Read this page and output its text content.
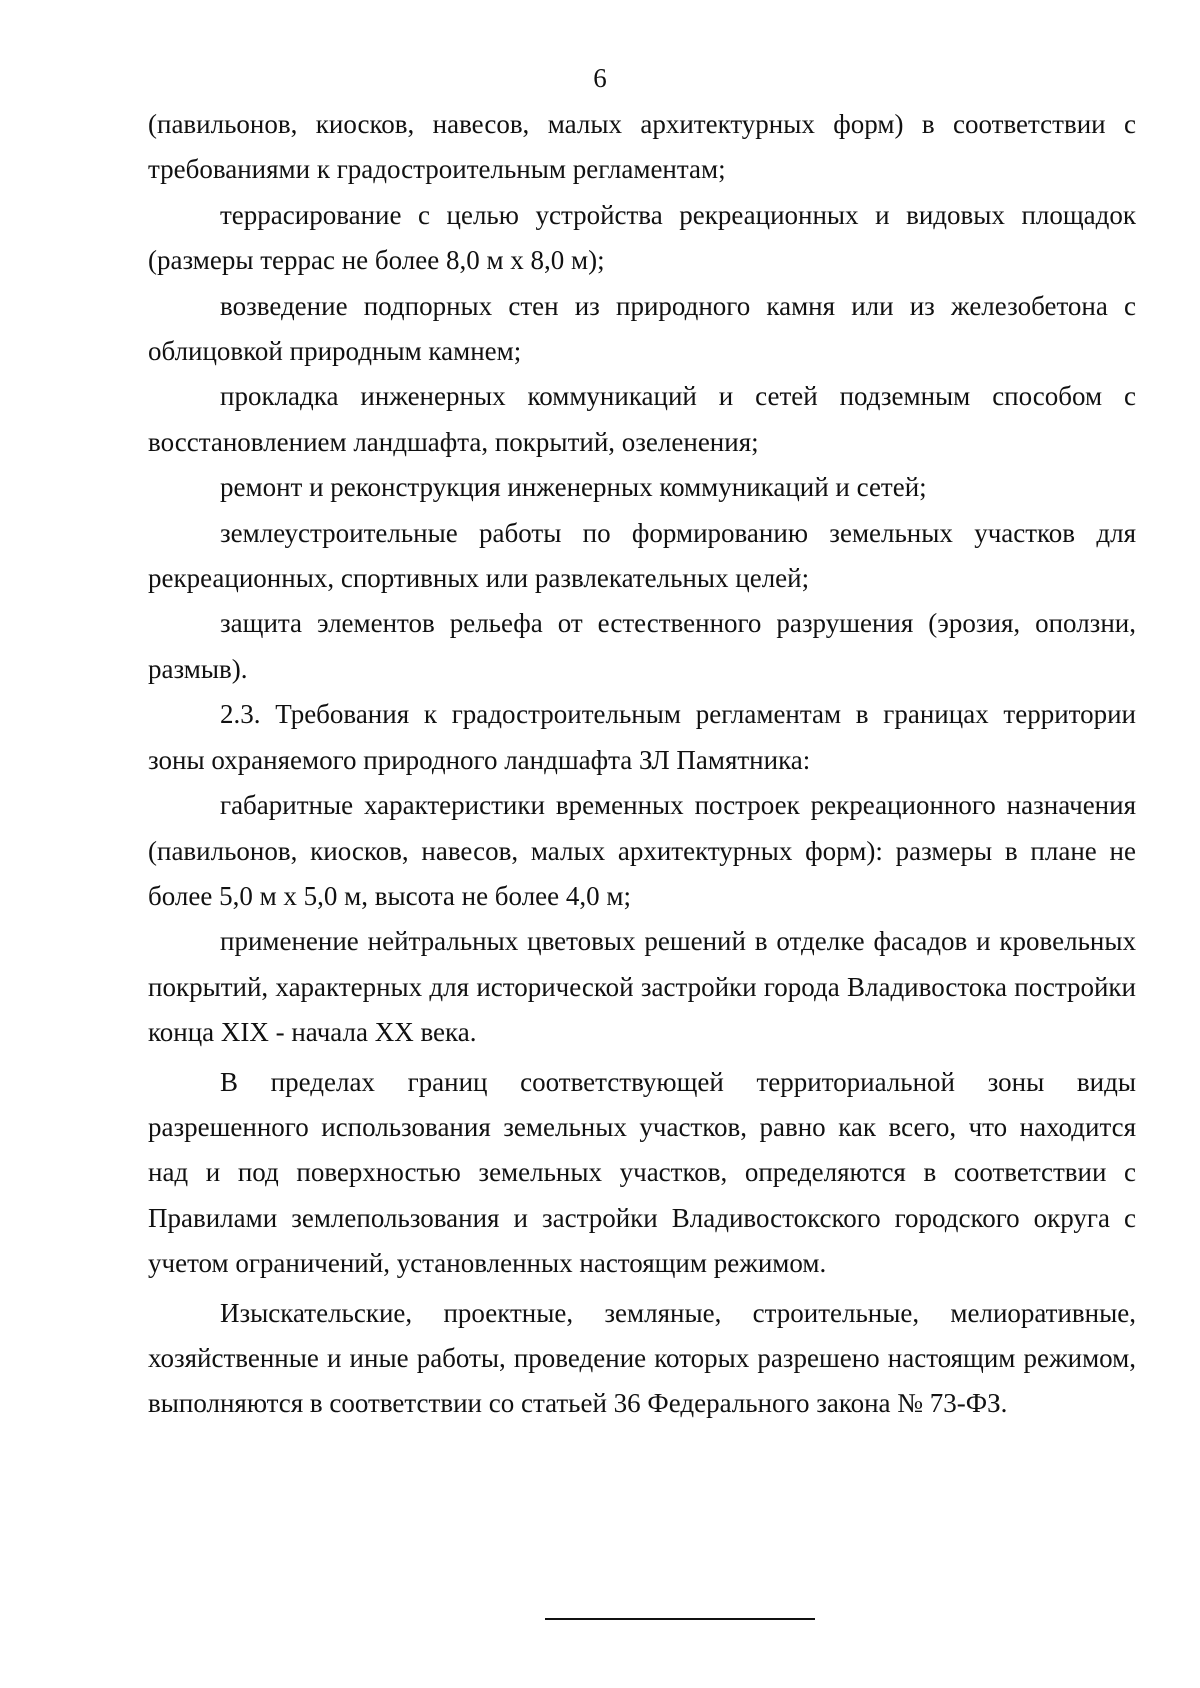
6

(павильонов, киосков, навесов, малых архитектурных форм) в соответствии с требованиями к градостроительным регламентам;

террасирование с целью устройства рекреационных и видовых площадок (размеры террас не более 8,0 м x 8,0 м);

возведение подпорных стен из природного камня или из железобетона с облицовкой природным камнем;

прокладка инженерных коммуникаций и сетей подземным способом с восстановлением ландшафта, покрытий, озеленения;

ремонт и реконструкция инженерных коммуникаций и сетей;

землеустроительные работы по формированию земельных участков для рекреационных, спортивных или развлекательных целей;

защита элементов рельефа от естественного разрушения (эрозия, оползни, размыв).

2.3. Требования к градостроительным регламентам в границах территории зоны охраняемого природного ландшафта ЗЛ Памятника:

габаритные характеристики временных построек рекреационного назначения (павильонов, киосков, навесов, малых архитектурных форм): размеры в плане не более 5,0 м x 5,0 м, высота не более 4,0 м;

применение нейтральных цветовых решений в отделке фасадов и кровельных покрытий, характерных для исторической застройки города Владивостока постройки конца XIX - начала XX века.

В пределах границ соответствующей территориальной зоны виды разрешенного использования земельных участков, равно как всего, что находится над и под поверхностью земельных участков, определяются в соответствии с Правилами землепользования и застройки Владивостокского городского округа с учетом ограничений, установленных настоящим режимом.

Изыскательские, проектные, земляные, строительные, мелиоративные, хозяйственные и иные работы, проведение которых разрешено настоящим режимом, выполняются в соответствии со статьей 36 Федерального закона № 73-ФЗ.
